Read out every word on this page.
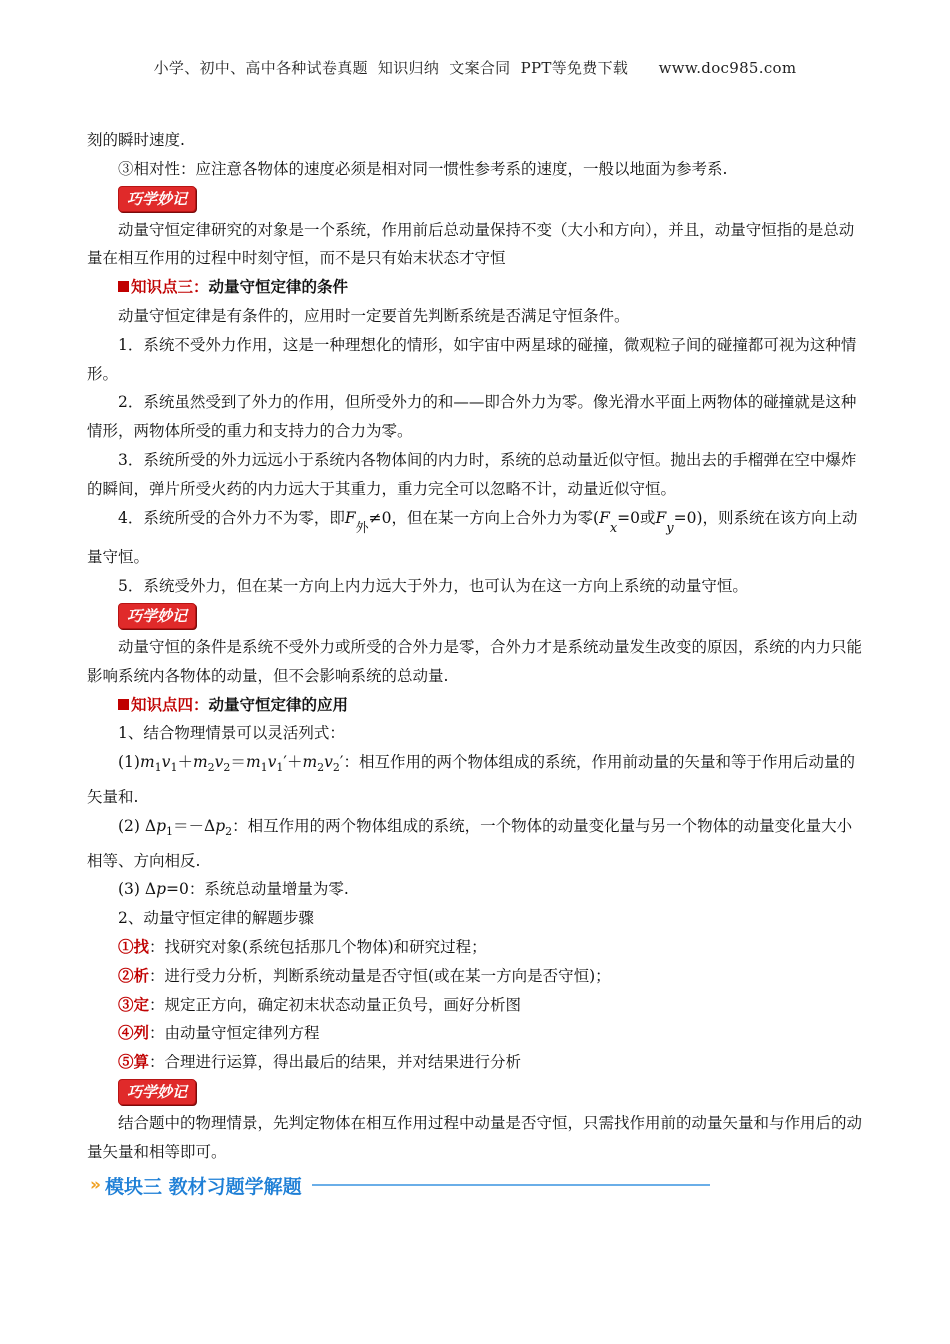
小学、初中、高中各种试卷真题  知识归纳  文案合同  PPT等免费下载      www.doc985.com

刻的瞬时速度.

③相对性：应注意各物体的速度必须是相对同一惯性参考系的速度，一般以地面为参考系.

巧学妙记

动量守恒定律研究的对象是一个系统，作用前后总动量保持不变（大小和方向），并且，动量守恒指的是总动量在相互作用的过程中时刻守恒，而不是只有始末状态才守恒

知识点三：动量守恒定律的条件

动量守恒定律是有条件的，应用时一定要首先判断系统是否满足守恒条件。

1．系统不受外力作用，这是一种理想化的情形，如宇宙中两星球的碰撞，微观粒子间的碰撞都可视为这种情形。

2．系统虽然受到了外力的作用，但所受外力的和——即合外力为零。像光滑水平面上两物体的碰撞就是这种情形，两物体所受的重力和支持力的合力为零。

3．系统所受的外力远远小于系统内各物体间的内力时，系统的总动量近似守恒。抛出去的手榴弹在空中爆炸的瞬间，弹片所受火药的内力远大于其重力，重力完全可以忽略不计，动量近似守恒。

4．系统所受的合外力不为零，即$F_外\ne 0$，但在某一方向上合外力为零($F_x=0$或$F_y=0$)，则系统在该方向上动量守恒。

5．系统受外力，但在某一方向上内力远大于外力，也可认为在这一方向上系统的动量守恒。

巧学妙记

动量守恒的条件是系统不受外力或所受的合外力是零，合外力才是系统动量发生改变的原因，系统的内力只能影响系统内各物体的动量，但不会影响系统的总动量.

知识点四：动量守恒定律的应用

1、结合物理情景可以灵活列式：

$(1)m_1v_1+m_2v_2=m_1v_1'+m_2v_2'$：相互作用的两个物体组成的系统，作用前动量的矢量和等于作用后动量的矢量和.

(2) $\Delta p_1=-\Delta p_2$：相互作用的两个物体组成的系统，一个物体的动量变化量与另一个物体的动量变化量大小相等、方向相反.

(3) Δp=0：系统总动量增量为零.

2、动量守恒定律的解题步骤

①找：找研究对象(系统包括那几个物体)和研究过程；

②析：进行受力分析，判断系统动量是否守恒(或在某一方向是否守恒)；

③定：规定正方向，确定初末状态动量正负号，画好分析图

④列：由动量守恒定律列方程

⑤算：合理进行运算，得出最后的结果，并对结果进行分析

巧学妙记

结合题中的物理情景，先判定物体在相互作用过程中动量是否守恒，只需找作用前的动量矢量和与作用后的动量矢量和相等即可。

» 模块三 教材习题学解题
